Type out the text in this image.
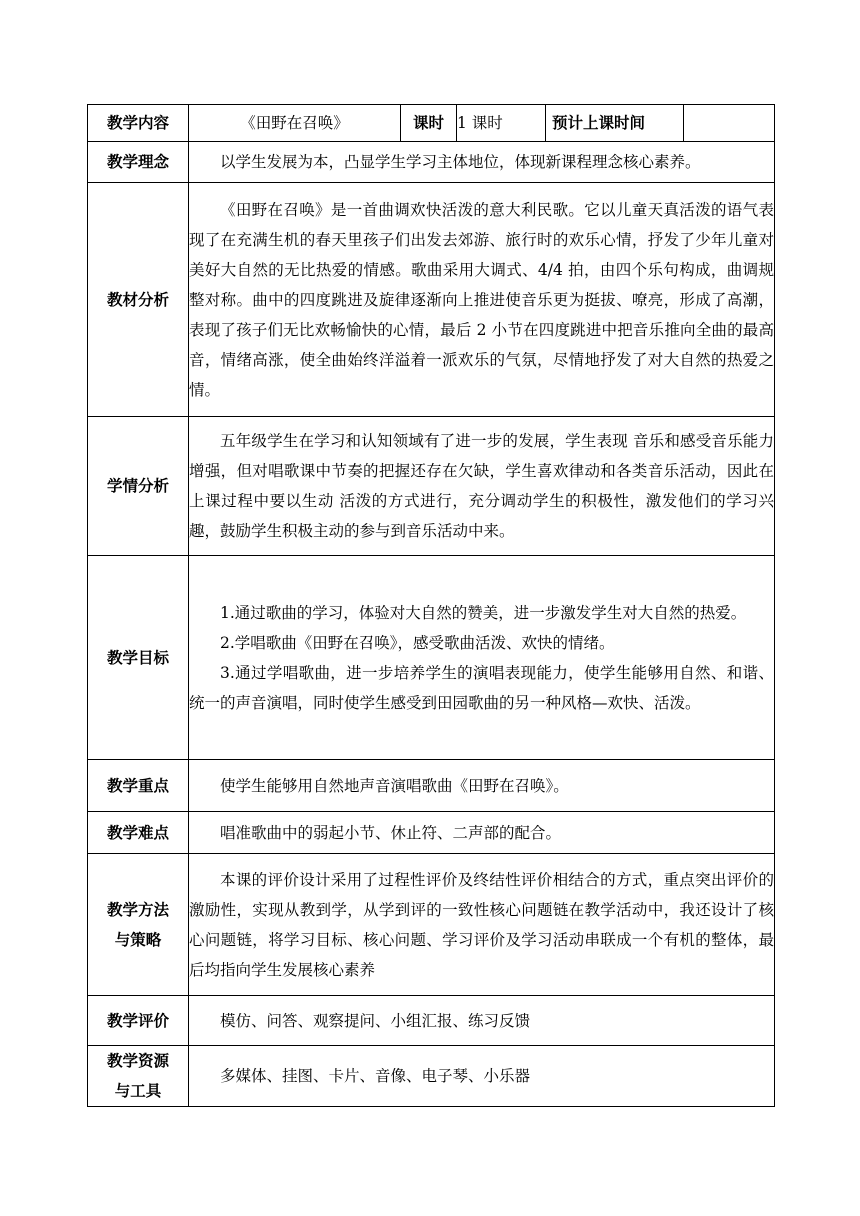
教学内容	《田野在召唤》	课时	1 课时	预计上课时间	
教学理念	以学生发展为本，凸显学生学习主体地位，体现新课程理念核心素养。				

教材分析	《田野在召唤》是一首曲调欢快活泼的意大利民歌。它以儿童天真活泼的语气表现了在充满生机的春天里孩子们出发去郊游、旅行时的欢乐心情，抒发了少年儿童对美好大自然的无比热爱的情感。歌曲采用大调式、4/4 拍，由四个乐句构成，曲调规整对称。曲中的四度跳进及旋律逐渐向上推进使音乐更为挺拔、嘹亮，形成了高潮，表现了孩子们无比欢畅愉快的心情，最后 2 小节在四度跳进中把音乐推向全曲的最高音，情绪高涨，使全曲始终洋溢着一派欢乐的气氛，尽情地抒发了对大自然的热爱之情。				

学情分析	五年级学生在学习和认知领域有了进一步的发展，学生表现 音乐和感受音乐能力增强，但对唱歌课中节奏的把握还存在欠缺，学生喜欢律动和各类音乐活动，因此在上课过程中要以生动 活泼的方式进行，充分调动学生的积极性，激发他们的学习兴趣，鼓励学生积极主动的参与到音乐活动中来。				

教学目标	1.通过歌曲的学习，体验对大自然的赞美，进一步激发学生对大自然的热爱。

2.学唱歌曲《田野在召唤》，感受歌曲活泼、欢快的情绪。

3.通过学唱歌曲，进一步培养学生的演唱表现能力，使学生能够用自然、和谐、统一的声音演唱，同时使学生感受到田园歌曲的另一种风格—欢快、活泼。				

教学重点	使学生能够用自然地声音演唱歌曲《田野在召唤》。				

教学难点	唱准歌曲中的弱起小节、休止符、二声部的配合。				

教学方法
与策略	本课的评价设计采用了过程性评价及终结性评价相结合的方式，重点突出评价的激励性，实现从教到学，从学到评的一致性核心问题链在教学活动中，我还设计了核心问题链，将学习目标、核心问题、学习评价及学习活动串联成一个有机的整体，最后均指向学生发展核心素养				

教学评价	模仿、问答、观察提问、小组汇报、练习反馈				

教学资源
与工具	多媒体、挂图、卡片、音像、电子琴、小乐器				
